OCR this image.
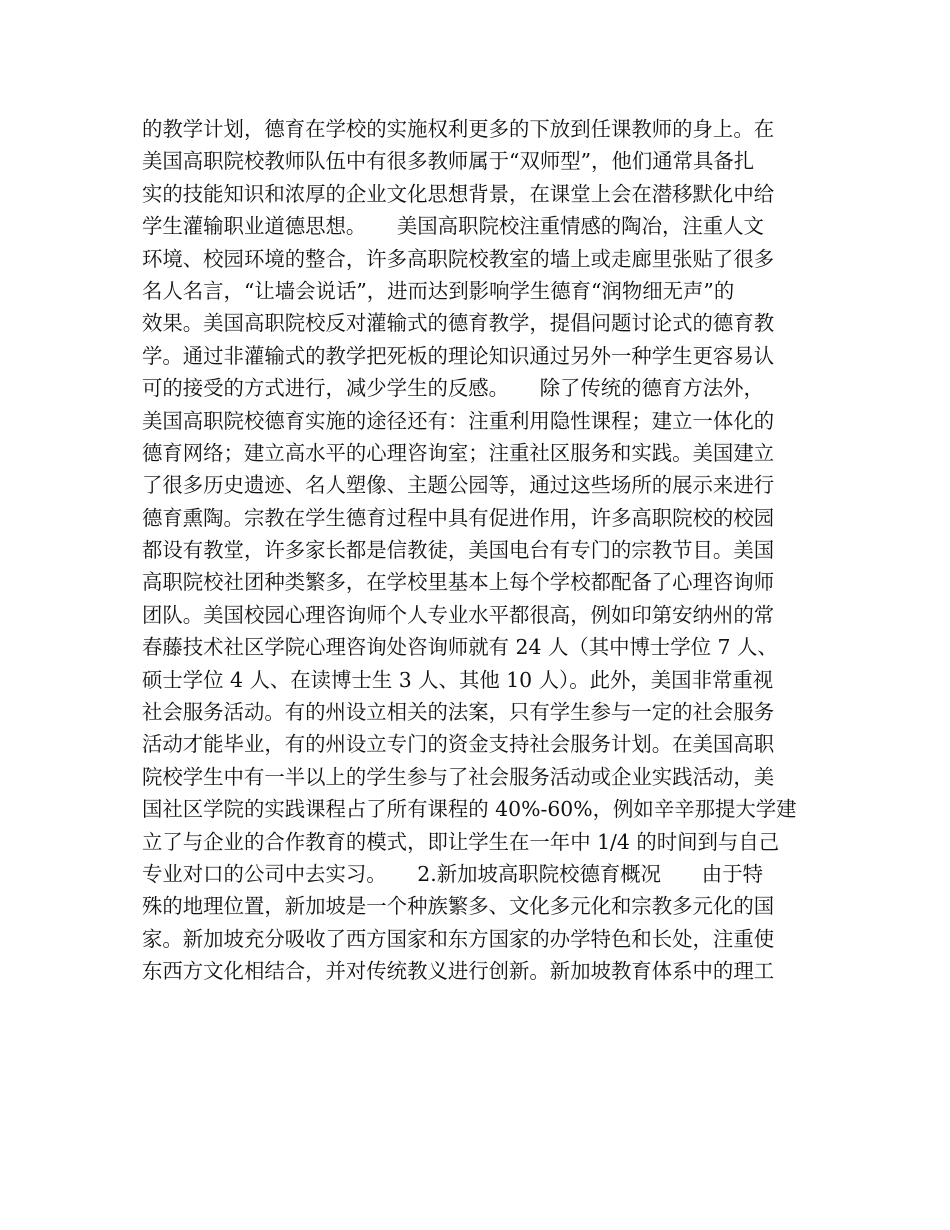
的教学计划，德育在学校的实施权利更多的下放到任课教师的身上。在
美国高职院校教师队伍中有很多教师属于“双师型”，他们通常具备扎
实的技能知识和浓厚的企业文化思想背景，在课堂上会在潜移默化中给
学生灌输职业道德思想。　　美国高职院校注重情感的陶冶，注重人文
环境、校园环境的整合，许多高职院校教室的墙上或走廊里张贴了很多
名人名言，“让墙会说话”，进而达到影响学生德育“润物细无声”的
效果。美国高职院校反对灌输式的德育教学，提倡问题讨论式的德育教
学。通过非灌输式的教学把死板的理论知识通过另外一种学生更容易认
可的接受的方式进行，减少学生的反感。　　除了传统的德育方法外，
美国高职院校德育实施的途径还有：注重利用隐性课程；建立一体化的
德育网络；建立高水平的心理咨询室；注重社区服务和实践。美国建立
了很多历史遗迹、名人塑像、主题公园等，通过这些场所的展示来进行
德育熏陶。宗教在学生德育过程中具有促进作用，许多高职院校的校园
都设有教堂，许多家长都是信教徒，美国电台有专门的宗教节目。美国
高职院校社团种类繁多，在学校里基本上每个学校都配备了心理咨询师
团队。美国校园心理咨询师个人专业水平都很高，例如印第安纳州的常
春藤技术社区学院心理咨询处咨询师就有 24 人（其中博士学位 7 人、
硕士学位 4 人、在读博士生 3 人、其他 10 人）。此外，美国非常重视
社会服务活动。有的州设立相关的法案，只有学生参与一定的社会服务
活动才能毕业，有的州设立专门的资金支持社会服务计划。在美国高职
院校学生中有一半以上的学生参与了社会服务活动或企业实践活动，美
国社区学院的实践课程占了所有课程的 40%-60%，例如辛辛那提大学建
立了与企业的合作教育的模式，即让学生在一年中 1/4 的时间到与自己
专业对口的公司中去实习。　　2.新加坡高职院校德育概况　　由于特
殊的地理位置，新加坡是一个种族繁多、文化多元化和宗教多元化的国
家。新加坡充分吸收了西方国家和东方国家的办学特色和长处，注重使
东西方文化相结合，并对传统教义进行创新。新加坡教育体系中的理工
